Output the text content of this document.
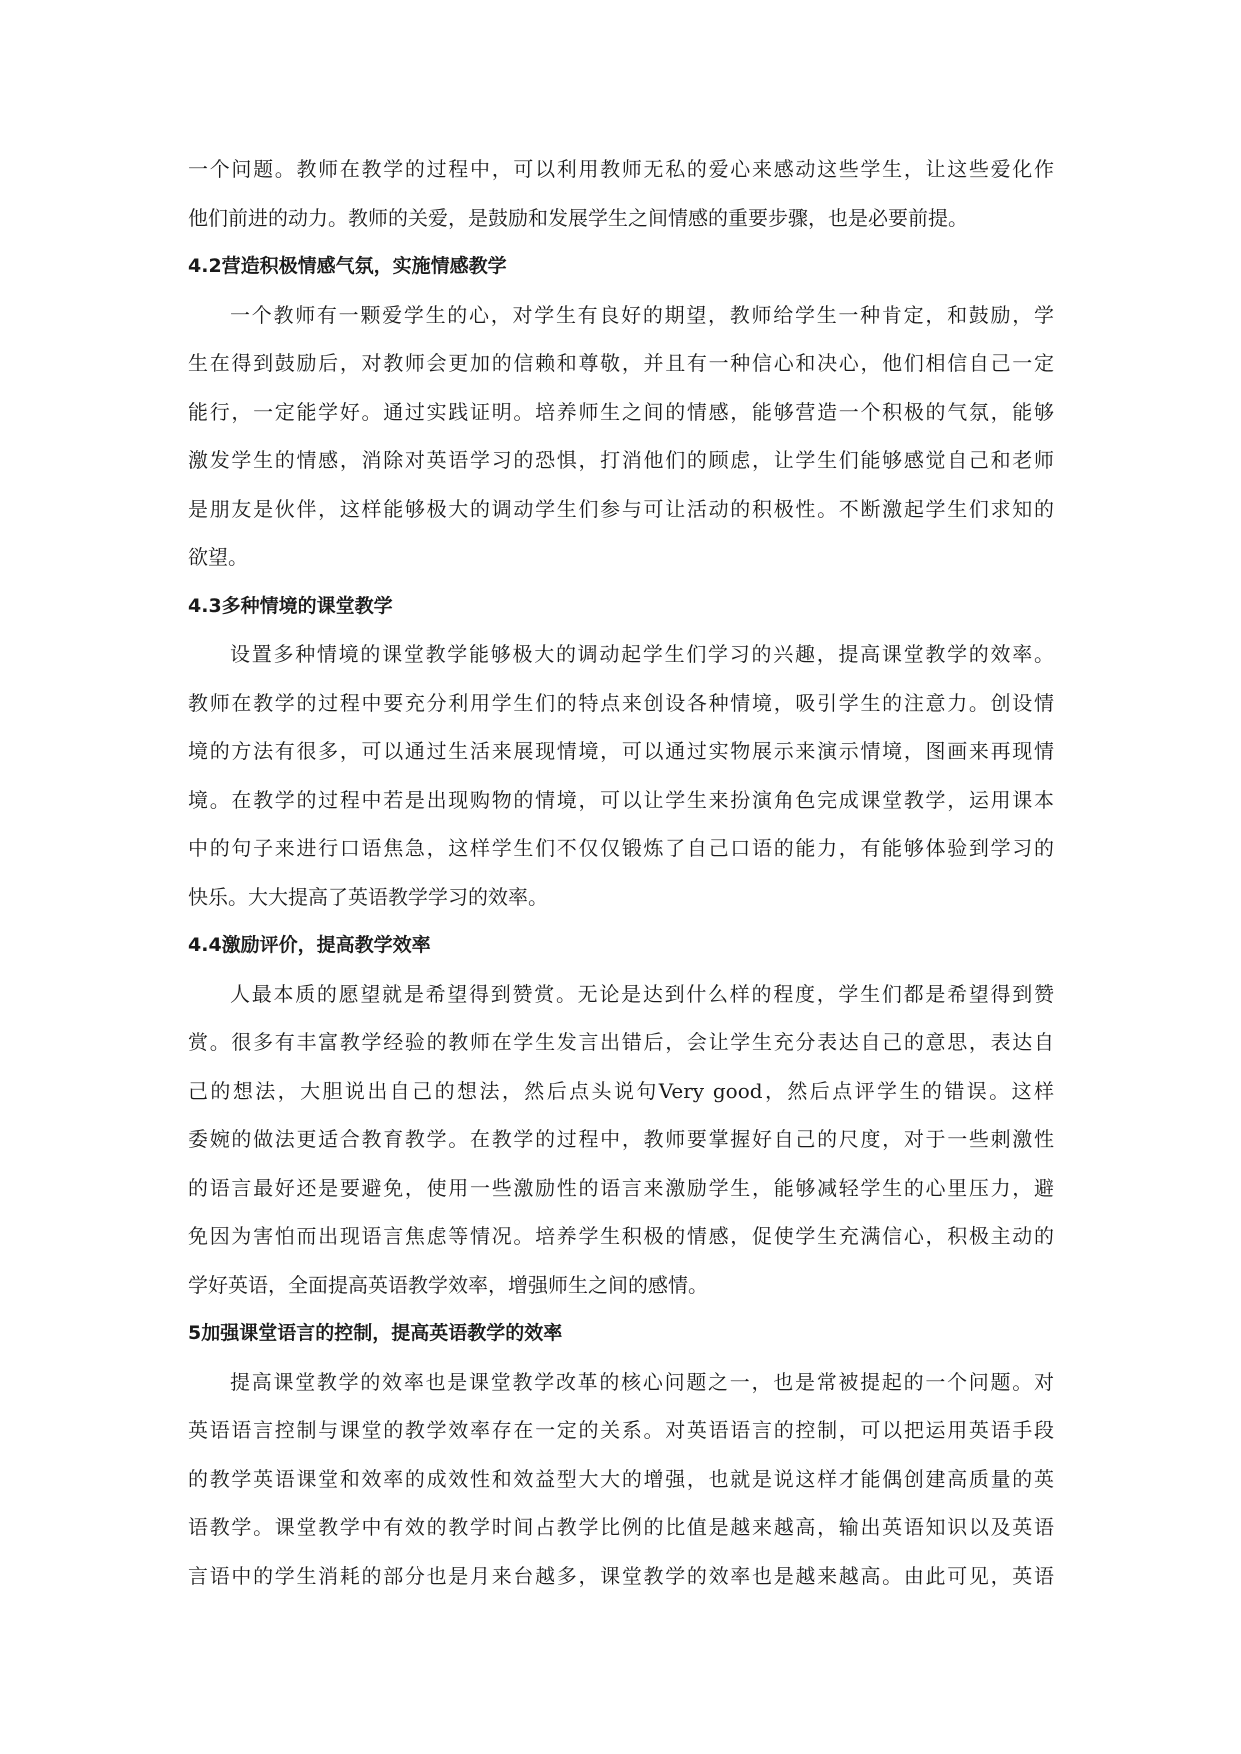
一个问题。教师在教学的过程中，可以利用教师无私的爱心来感动这些学生，让这些爱化作
他们前进的动力。教师的关爱，是鼓励和发展学生之间情感的重要步骤，也是必要前提。
4.2营造积极情感气氛，实施情感教学
一个教师有一颗爱学生的心，对学生有良好的期望，教师给学生一种肯定，和鼓励，学
生在得到鼓励后，对教师会更加的信赖和尊敬，并且有一种信心和决心，他们相信自己一定
能行，一定能学好。通过实践证明。培养师生之间的情感，能够营造一个积极的气氛，能够
激发学生的情感，消除对英语学习的恐惧，打消他们的顾虑，让学生们能够感觉自己和老师
是朋友是伙伴，这样能够极大的调动学生们参与可让活动的积极性。不断激起学生们求知的
欲望。
4.3多种情境的课堂教学
设置多种情境的课堂教学能够极大的调动起学生们学习的兴趣，提高课堂教学的效率。
教师在教学的过程中要充分利用学生们的特点来创设各种情境，吸引学生的注意力。创设情
境的方法有很多，可以通过生活来展现情境，可以通过实物展示来演示情境，图画来再现情
境。在教学的过程中若是出现购物的情境，可以让学生来扮演角色完成课堂教学，运用课本
中的句子来进行口语焦急，这样学生们不仅仅锻炼了自己口语的能力，有能够体验到学习的
快乐。大大提高了英语教学学习的效率。
4.4激励评价，提高教学效率
人最本质的愿望就是希望得到赞赏。无论是达到什么样的程度，学生们都是希望得到赞
赏。很多有丰富教学经验的教师在学生发言出错后，会让学生充分表达自己的意思，表达自
己的想法，大胆说出自己的想法，然后点头说句Very good，然后点评学生的错误。这样
委婉的做法更适合教育教学。在教学的过程中，教师要掌握好自己的尺度，对于一些刺激性
的语言最好还是要避免，使用一些激励性的语言来激励学生，能够减轻学生的心里压力，避
免因为害怕而出现语言焦虑等情况。培养学生积极的情感，促使学生充满信心，积极主动的
学好英语，全面提高英语教学效率，增强师生之间的感情。
5加强课堂语言的控制，提高英语教学的效率
提高课堂教学的效率也是课堂教学改革的核心问题之一，也是常被提起的一个问题。对
英语语言控制与课堂的教学效率存在一定的关系。对英语语言的控制，可以把运用英语手段
的教学英语课堂和效率的成效性和效益型大大的增强，也就是说这样才能偶创建高质量的英
语教学。课堂教学中有效的教学时间占教学比例的比值是越来越高，输出英语知识以及英语
言语中的学生消耗的部分也是月来台越多，课堂教学的效率也是越来越高。由此可见，英语
